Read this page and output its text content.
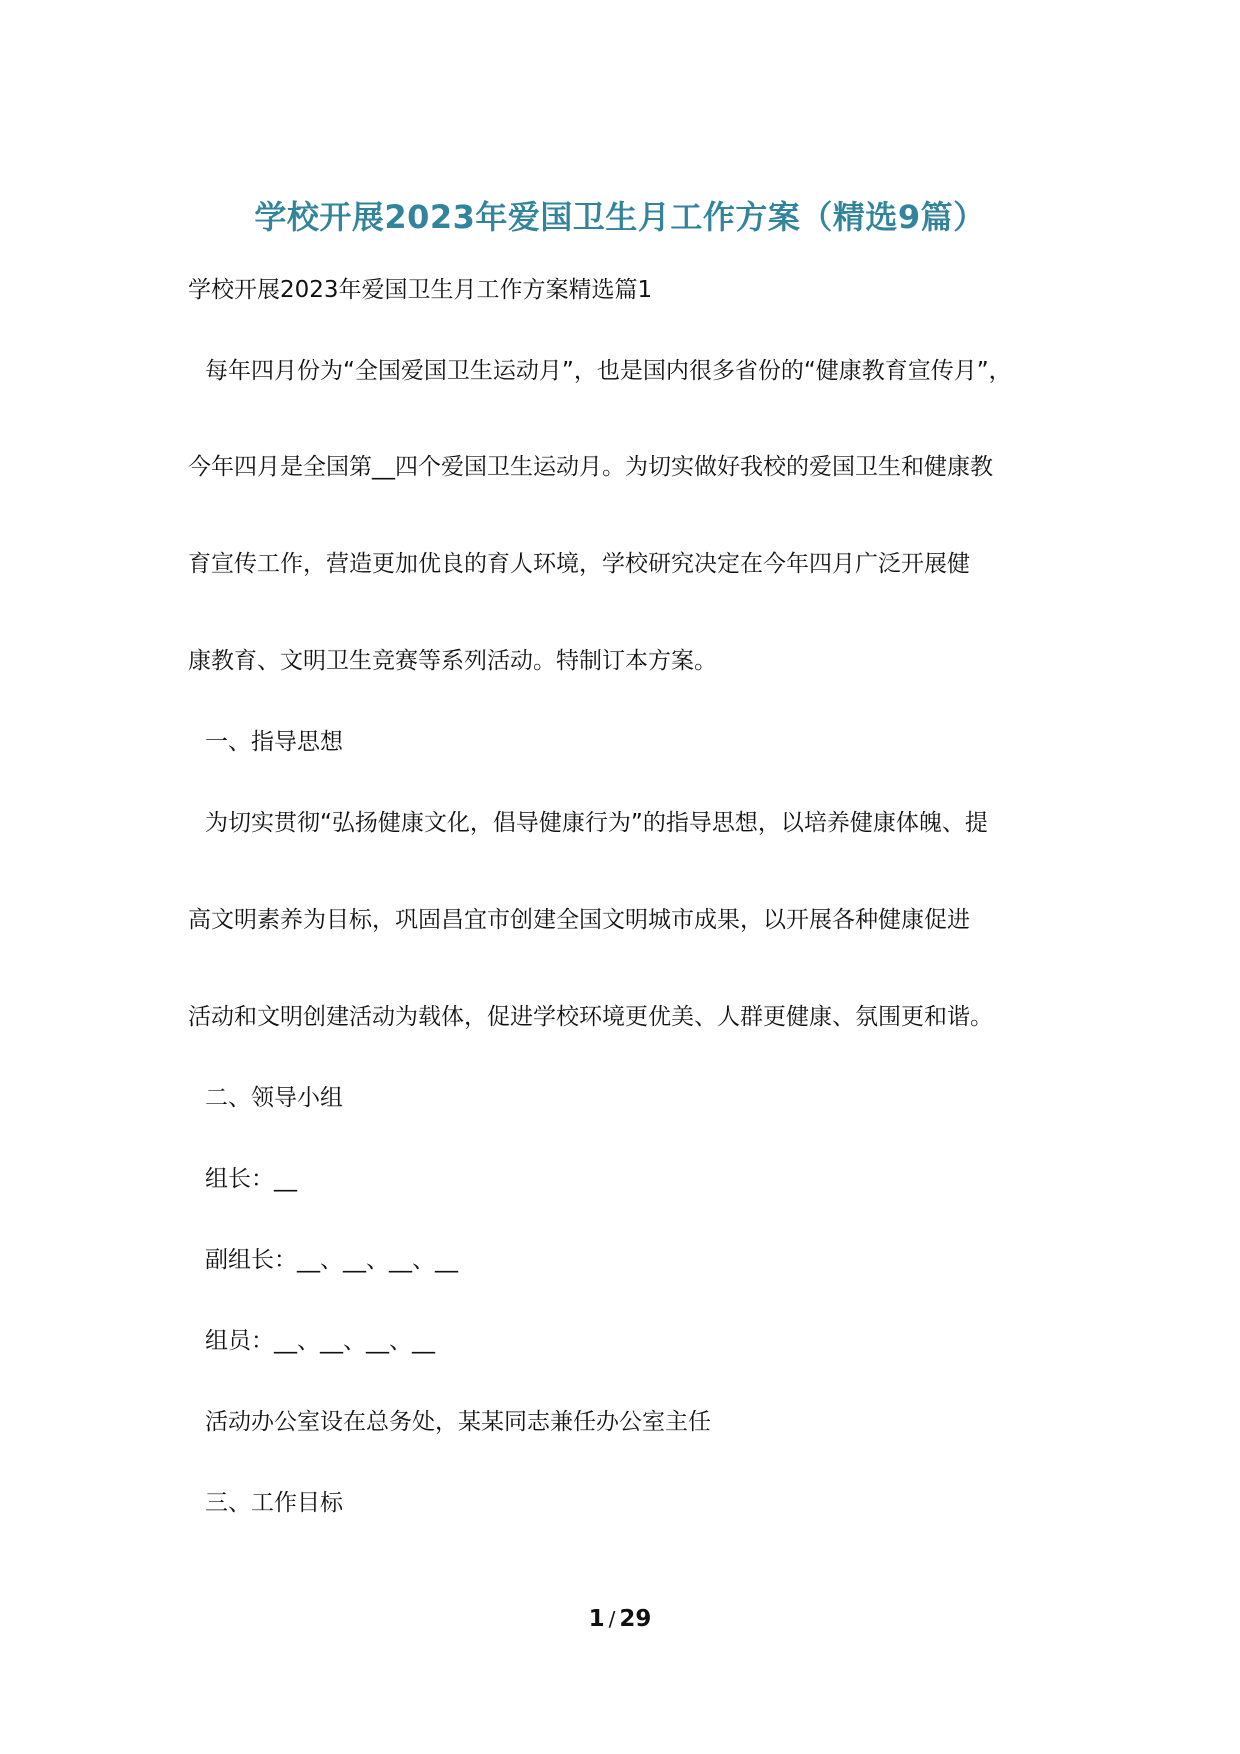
学校开展2023年爱国卫生月工作方案（精选9篇）
学校开展2023年爱国卫生月工作方案精选篇1
每年四月份为“全国爱国卫生运动月”，也是国内很多省份的“健康教育宣传月”，
今年四月是全国第__四个爱国卫生运动月。为切实做好我校的爱国卫生和健康教
育宣传工作，营造更加优良的育人环境，学校研究决定在今年四月广泛开展健
康教育、文明卫生竞赛等系列活动。特制订本方案。
一、指导思想
为切实贯彻“弘扬健康文化，倡导健康行为”的指导思想，以培养健康体魄、提
高文明素养为目标，巩固昌宜市创建全国文明城市成果，以开展各种健康促进
活动和文明创建活动为载体，促进学校环境更优美、人群更健康、氛围更和谐。
二、领导小组
组长：__
副组长：__、__、__、__
组员：__、__、__、__
活动办公室设在总务处，某某同志兼任办公室主任
三、工作目标
1 / 29
